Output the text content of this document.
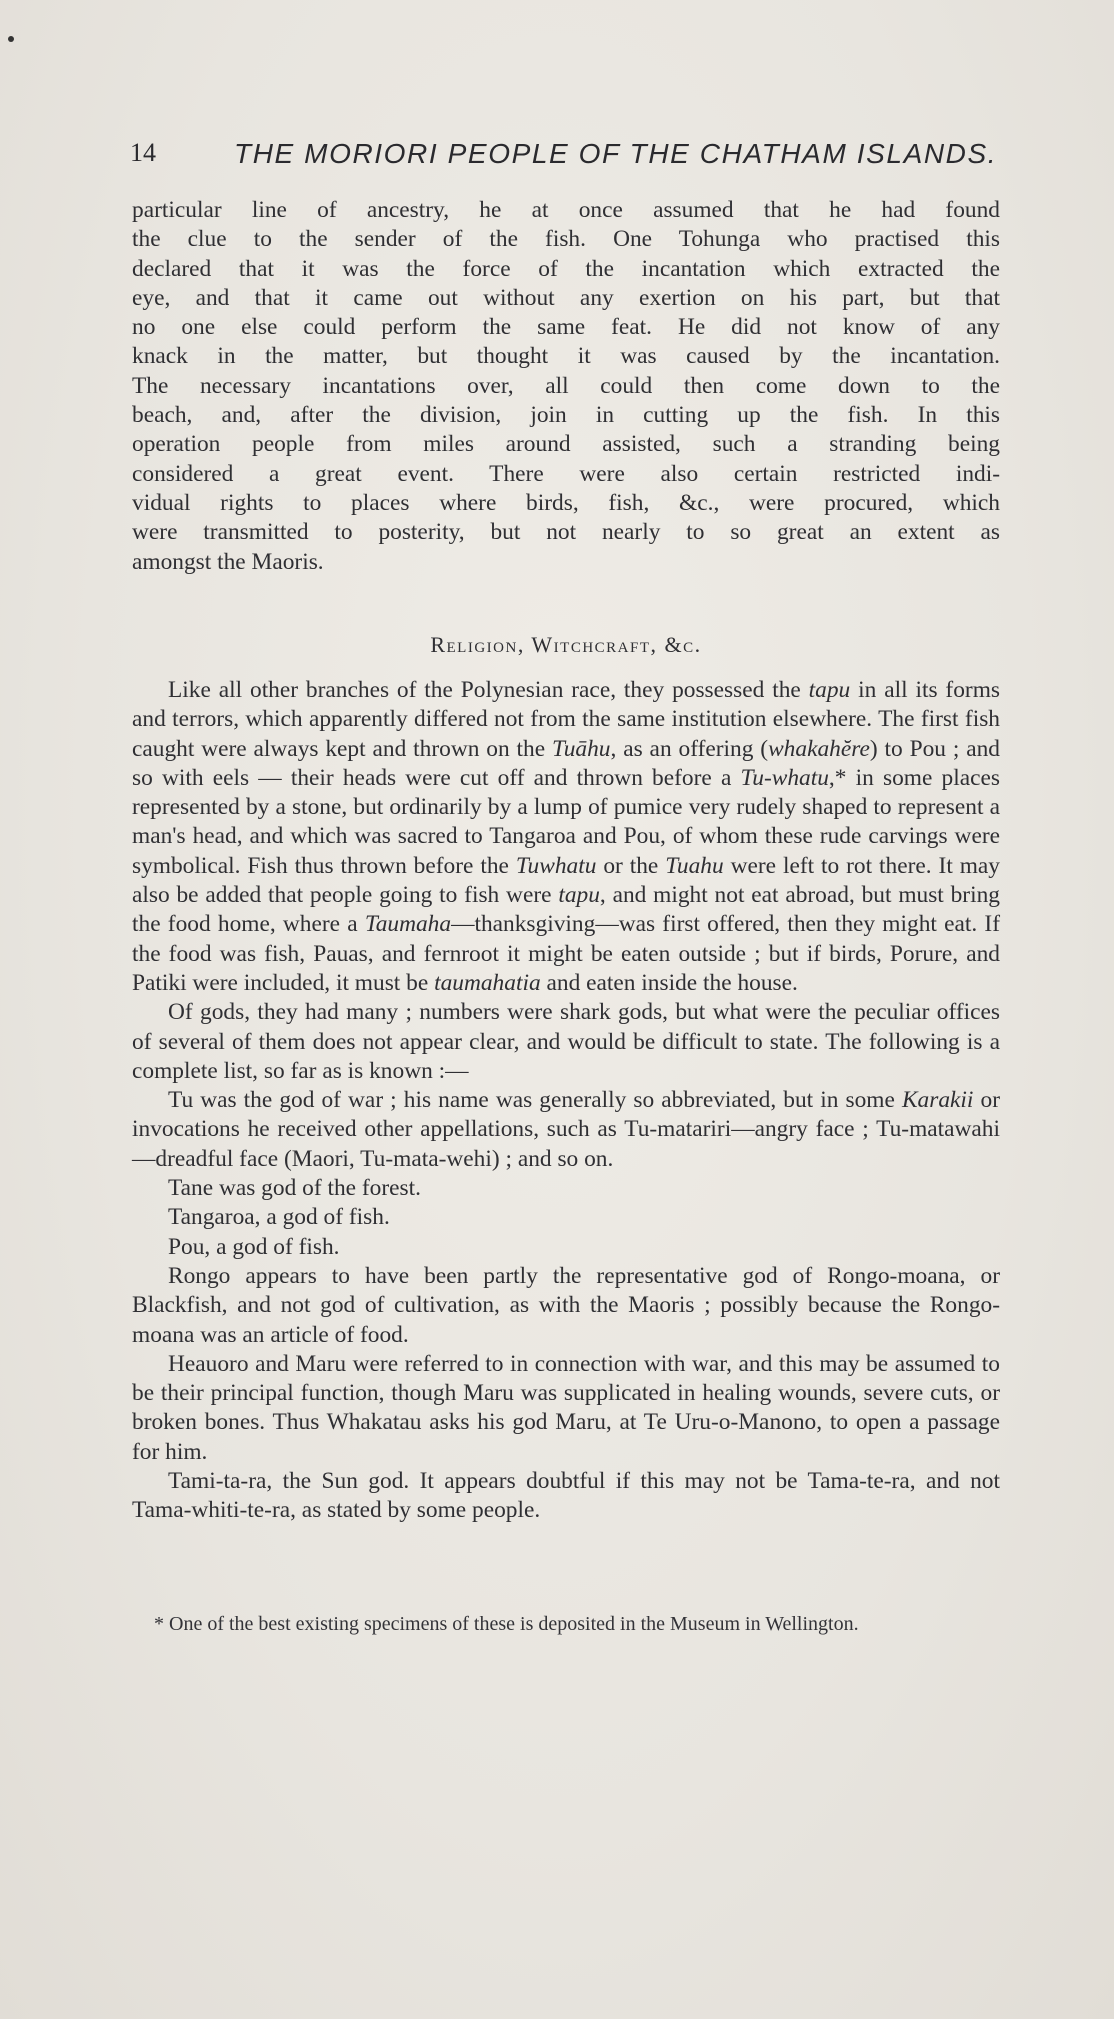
14	THE MORIORI PEOPLE OF THE CHATHAM ISLANDS.

particular line of ancestry, he at once assumed that he had found

the clue to the sender of the fish. One Tohunga who practised this

declared that it was the force of the incantation which extracted the

eye, and that it came out without any exertion on his part, but that

no one else could perform the same feat. He did not know of any

knack in the matter, but thought it was caused by the incantation.

The necessary incantations over, all could then come down to the

beach, and, after the division, join in cutting up the fish. In this

operation people from miles around assisted, such a stranding being

considered a great event. There were also certain restricted indi-

vidual rights to places where birds, fish, &c., were procured, which

were transmitted to posterity, but not nearly to so great an extent as

amongst the Maoris.

Religion, Witchcraft, &c.

Like all other branches of the Polynesian race, they possessed the tapu in all its forms and terrors, which apparently differed not from the same institution elsewhere. The first fish caught were always kept and thrown on the Tuāhu, as an offering (whakahĕre) to Pou ; and so with eels — their heads were cut off and thrown before a Tu-whatu,* in some places represented by a stone, but ordinarily by a lump of pumice very rudely shaped to represent a man's head, and which was sacred to Tangaroa and Pou, of whom these rude carvings were symbolical. Fish thus thrown before the Tuwhatu or the Tuahu were left to rot there. It may also be added that people going to fish were tapu, and might not eat abroad, but must bring the food home, where a Taumaha—thanksgiving—was first offered, then they might eat. If the food was fish, Pauas, and fernroot it might be eaten outside ; but if birds, Porure, and Patiki were included, it must be taumahatia and eaten inside the house.

Of gods, they had many ; numbers were shark gods, but what were the peculiar offices of several of them does not appear clear, and would be difficult to state. The following is a complete list, so far as is known :—

Tu was the god of war ; his name was generally so abbreviated, but in some Karakii or invocations he received other appellations, such as Tu-matariri—angry face ; Tu-matawahi—dreadful face (Maori, Tu-mata-wehi) ; and so on.

Tane was god of the forest.

Tangaroa, a god of fish.

Pou, a god of fish.

Rongo appears to have been partly the representative god of Rongo-moana, or Blackfish, and not god of cultivation, as with the Maoris ; possibly because the Rongo-moana was an article of food.

Heauoro and Maru were referred to in connection with war, and this may be assumed to be their principal function, though Maru was supplicated in healing wounds, severe cuts, or broken bones. Thus Whakatau asks his god Maru, at Te Uru-o-Manono, to open a passage for him.

Tami-ta-ra, the Sun god. It appears doubtful if this may not be Tama-te-ra, and not Tama-whiti-te-ra, as stated by some people.

* One of the best existing specimens of these is deposited in the Museum in Wellington.
